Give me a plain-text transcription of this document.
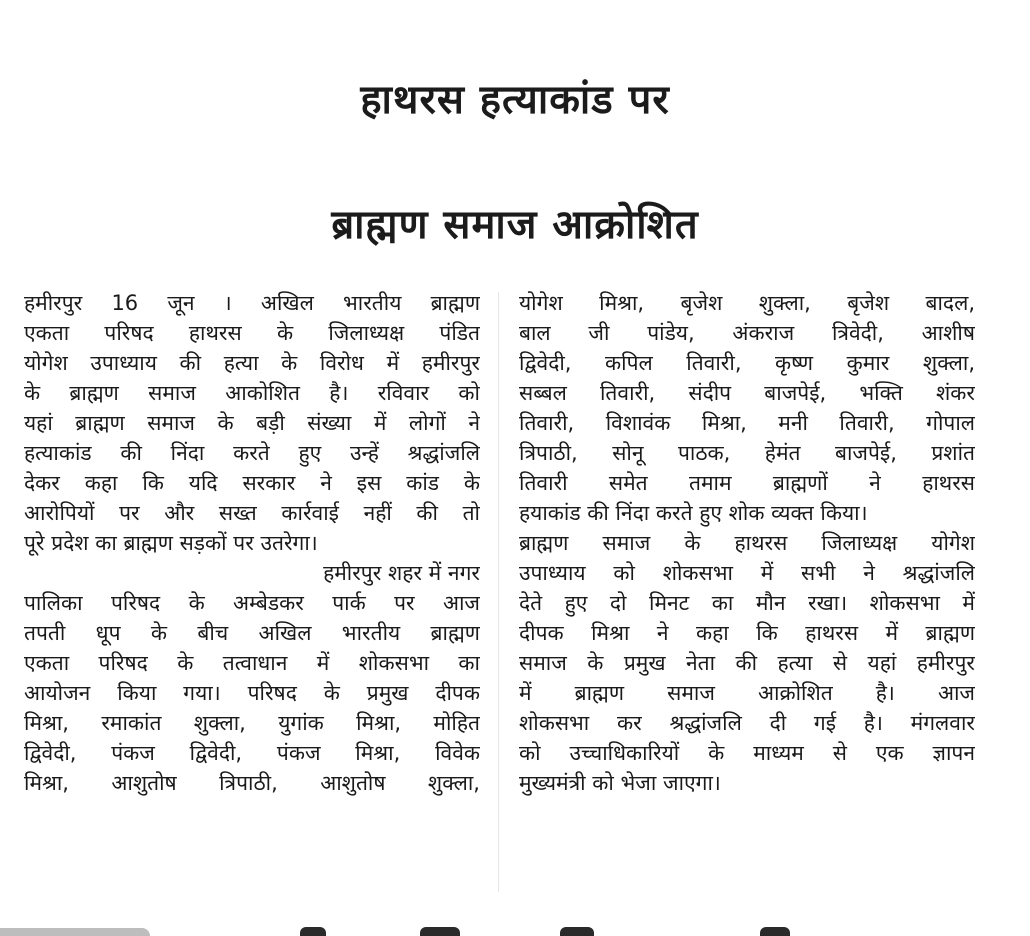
हाथरस हत्याकांड पर
ब्राह्मण समाज आक्रोशित
हमीरपुर 16 जून । अखिल भारतीय ब्राह्मण
एकता परिषद हाथरस के जिलाध्यक्ष पंडित
योगेश उपाध्याय की हत्या के विरोध में हमीरपुर
के ब्राह्मण समाज आकोशित है। रविवार को
यहां ब्राह्मण समाज के बड़ी संख्या में लोगों ने
हत्याकांड की निंदा करते हुए उन्हें श्रद्धांजलि
देकर कहा कि यदि सरकार ने इस कांड के
आरोपियों पर और सख्त कार्रवाई नहीं की तो
पूरे प्रदेश का ब्राह्मण सड़कों पर उतरेगा।
हमीरपुर शहर में नगर
पालिका परिषद के अम्बेडकर पार्क पर आज
तपती धूप के बीच अखिल भारतीय ब्राह्मण
एकता परिषद के तत्वाधान में शोकसभा का
आयोजन किया गया। परिषद के प्रमुख दीपक
मिश्रा, रमाकांत शुक्ला, युगांक मिश्रा, मोहित
द्विवेदी, पंकज द्विवेदी, पंकज मिश्रा, विवेक
मिश्रा, आशुतोष त्रिपाठी, आशुतोष शुक्ला,
योगेश मिश्रा, बृजेश शुक्ला, बृजेश बादल,
बाल जी पांडेय, अंकराज त्रिवेदी, आशीष
द्विवेदी, कपिल तिवारी, कृष्ण कुमार शुक्ला,
सब्बल तिवारी, संदीप बाजपेई, भक्ति शंकर
तिवारी, विशावंक मिश्रा, मनी तिवारी, गोपाल
त्रिपाठी, सोनू पाठक, हेमंत बाजपेई, प्रशांत
तिवारी समेत तमाम ब्राह्मणों ने हाथरस
हयाकांड की निंदा करते हुए शोक व्यक्त किया।
ब्राह्मण समाज के हाथरस जिलाध्यक्ष योगेश
उपाध्याय को शोकसभा में सभी ने श्रद्धांजलि
देते हुए दो मिनट का मौन रखा। शोकसभा में
दीपक मिश्रा ने कहा कि हाथरस में ब्राह्मण
समाज के प्रमुख नेता की हत्या से यहां हमीरपुर
में ब्राह्मण समाज आक्रोशित है। आज
शोकसभा कर श्रद्धांजलि दी गई है। मंगलवार
को उच्चाधिकारियों के माध्यम से एक ज्ञापन
मुख्यमंत्री को भेजा जाएगा।
